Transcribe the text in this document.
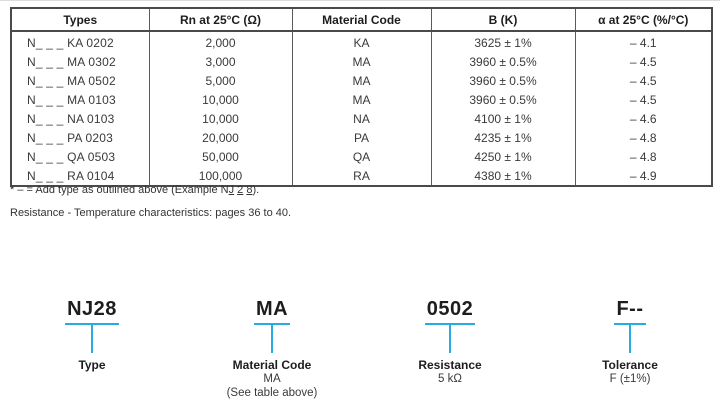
Types	Rn at 25°C (Ω)	Material Code	B (K)	α at 25°C (%/°C)
N_ _ _ KA 0202	2,000	KA	3625 ± 1%	– 4.1
N_ _ _ MA 0302	3,000	MA	3960 ± 0.5%	– 4.5
N_ _ _ MA 0502	5,000	MA	3960 ± 0.5%	– 4.5
N_ _ _ MA 0103	10,000	MA	3960 ± 0.5%	– 4.5
N_ _ _ NA 0103	10,000	NA	4100 ± 1%	– 4.6
N_ _ _ PA 0203	20,000	PA	4235 ± 1%	– 4.8
N_ _ _ QA 0503	50,000	QA	4250 ± 1%	– 4.8
N_ _ _ RA 0104	100,000	RA	4380 ± 1%	– 4.9
* – = Add type as outlined above (Example NJ 2 8).
Resistance - Temperature characteristics: pages 36 to 40.
NJ28
Type
MA
Material Code
MA
(See table above)
0502
Resistance
5 kΩ
F--
Tolerance
F (±1%)
